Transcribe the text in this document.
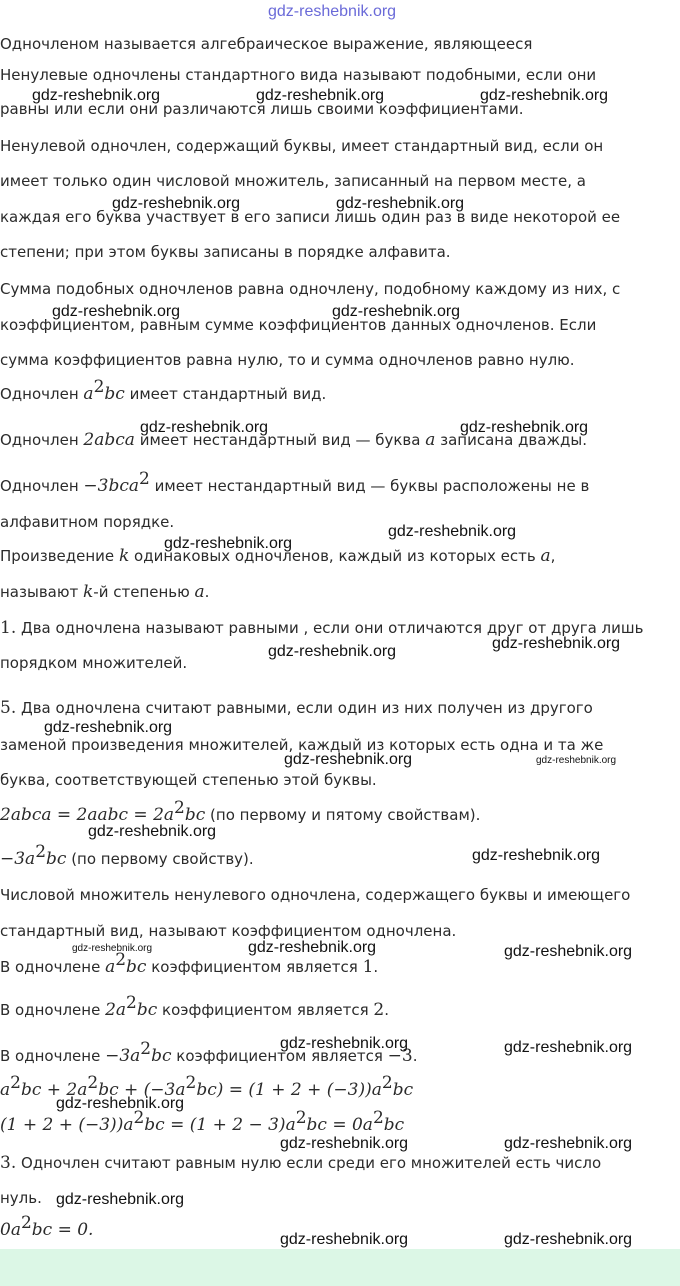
Одночленом называется алгебраическое выражение, являющееся
Ненулевые одночлены стандартного вида называют подобными, если они
равны или если они различаются лишь своими коэффициентами.
Ненулевой одночлен, содержащий буквы, имеет стандартный вид, если он
имеет только один числовой множитель, записанный на первом месте, а
каждая его буква участвует в его записи лишь один раз в виде некоторой ее
степени; при этом буквы записаны в порядке алфавита.
Сумма подобных одночленов равна одночлену, подобному каждому из них, с
коэффициентом, равным сумме коэффициентов данных одночленов. Если
сумма коэффициентов равна нулю, то и сумма одночленов равно нулю.
Одночлен $a^2bc$ имеет стандартный вид.
Одночлен 2abca имеет нестандартный вид — буква a записана дважды.
Одночлен −3bca$^2$ имеет нестандартный вид — буквы расположены не в
алфавитном порядке.
Произведение k одинаковых одночленов, каждый из которых есть a,
называют k-й степенью a.
1. Два одночлена называют равными , если они отличаются друг от друга лишь
порядком множителей.
5. Два одночлена считают равными, если один из них получен из другого
заменой произведения множителей, каждый из которых есть одна и та же
буква, соответствующей степенью этой буквы.
2abca = 2aabc = $2a^2bc$ (по первому и пятому свойствам).
$-3a^2bc$ (по первому свойству).
Числовой множитель ненулевого одночлена, содержащего буквы и имеющего
стандартный вид, называют коэффициентом одночлена.
В одночлене $a^2bc$ коэффициентом является 1.
В одночлене $2a^2bc$ коэффициентом является 2.
В одночлене $-3a^2bc$ коэффициентом является −3.
$a^2bc + 2a^2bc + (-3a^2bc) = (1 + 2 + (-3))a^2bc$
$(1 + 2 + (-3))a^2bc = (1 + 2 - 3)a^2bc = 0a^2bc$
3. Одночлен считают равным нулю если среди его множителей есть число
нуль.
$0a^2bc = 0$.
gdz-reshebnik.org
gdz-reshebnik.org	gdz-reshebnik.org	gdz-reshebnik.org
gdz-reshebnik.org	gdz-reshebnik.org
gdz-reshebnik.org	gdz-reshebnik.org
gdz-reshebnik.org	gdz-reshebnik.org
gdz-reshebnik.org
gdz-reshebnik.org
gdz-reshebnik.org	gdz-reshebnik.org
gdz-reshebnik.org
gdz-reshebnik.org	gdz-reshebnik.org
gdz-reshebnik.org
gdz-reshebnik.org
gdz-reshebnik.org	gdz-reshebnik.org	gdz-reshebnik.org
gdz-reshebnik.org	gdz-reshebnik.org
gdz-reshebnik.org
gdz-reshebnik.org	gdz-reshebnik.org
gdz-reshebnik.org
gdz-reshebnik.org	gdz-reshebnik.org
